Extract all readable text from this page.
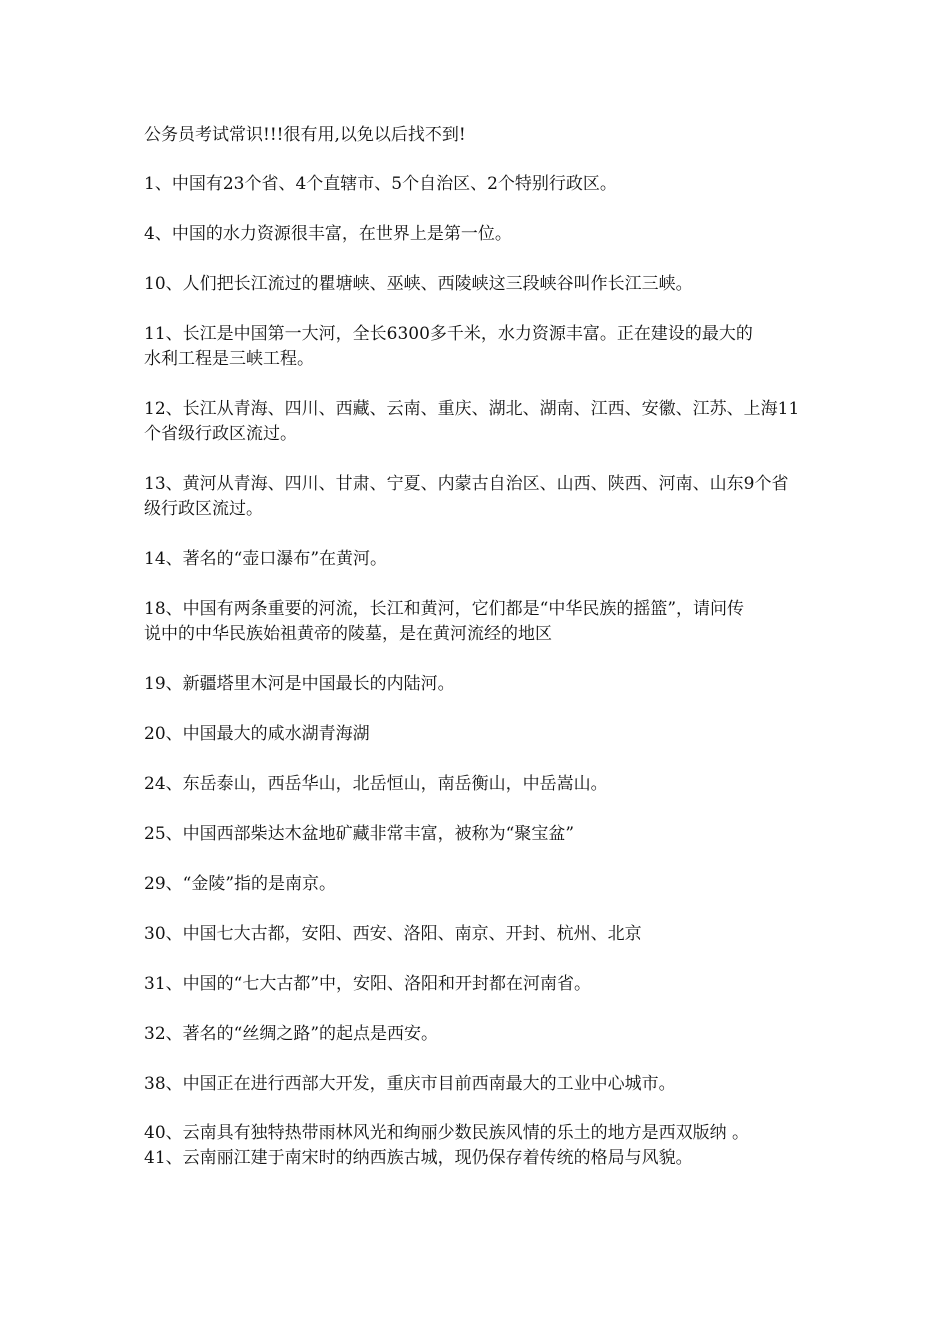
公务员考试常识!!!很有用,以免以后找不到!
1、中国有23个省、4个直辖市、5个自治区、2个特别行政区。
4、中国的水力资源很丰富，在世界上是第一位。
10、人们把长江流过的瞿塘峡、巫峡、西陵峡这三段峡谷叫作长江三峡。
11、长江是中国第一大河，全长6300多千米，水力资源丰富。正在建设的最大的
水利工程是三峡工程。
12、长江从青海、四川、西藏、云南、重庆、湖北、湖南、江西、安徽、江苏、上海11
个省级行政区流过。
13、黄河从青海、四川、甘肃、宁夏、内蒙古自治区、山西、陕西、河南、山东9个省
级行政区流过。
14、著名的“壶口瀑布”在黄河。
18、中国有两条重要的河流，长江和黄河，它们都是“中华民族的摇篮”，请问传
说中的中华民族始祖黄帝的陵墓，是在黄河流经的地区
19、新疆塔里木河是中国最长的内陆河。
20、中国最大的咸水湖青海湖
24、东岳泰山，西岳华山，北岳恒山，南岳衡山，中岳嵩山。
25、中国西部柴达木盆地矿藏非常丰富，被称为“聚宝盆”
29、“金陵”指的是南京。
30、中国七大古都，安阳、西安、洛阳、南京、开封、杭州、北京
31、中国的“七大古都”中，安阳、洛阳和开封都在河南省。
32、著名的“丝绸之路”的起点是西安。
38、中国正在进行西部大开发，重庆市目前西南最大的工业中心城市。
40、云南具有独特热带雨林风光和绚丽少数民族风情的乐土的地方是西双版纳 。
41、云南丽江建于南宋时的纳西族古城，现仍保存着传统的格局与风貌。
